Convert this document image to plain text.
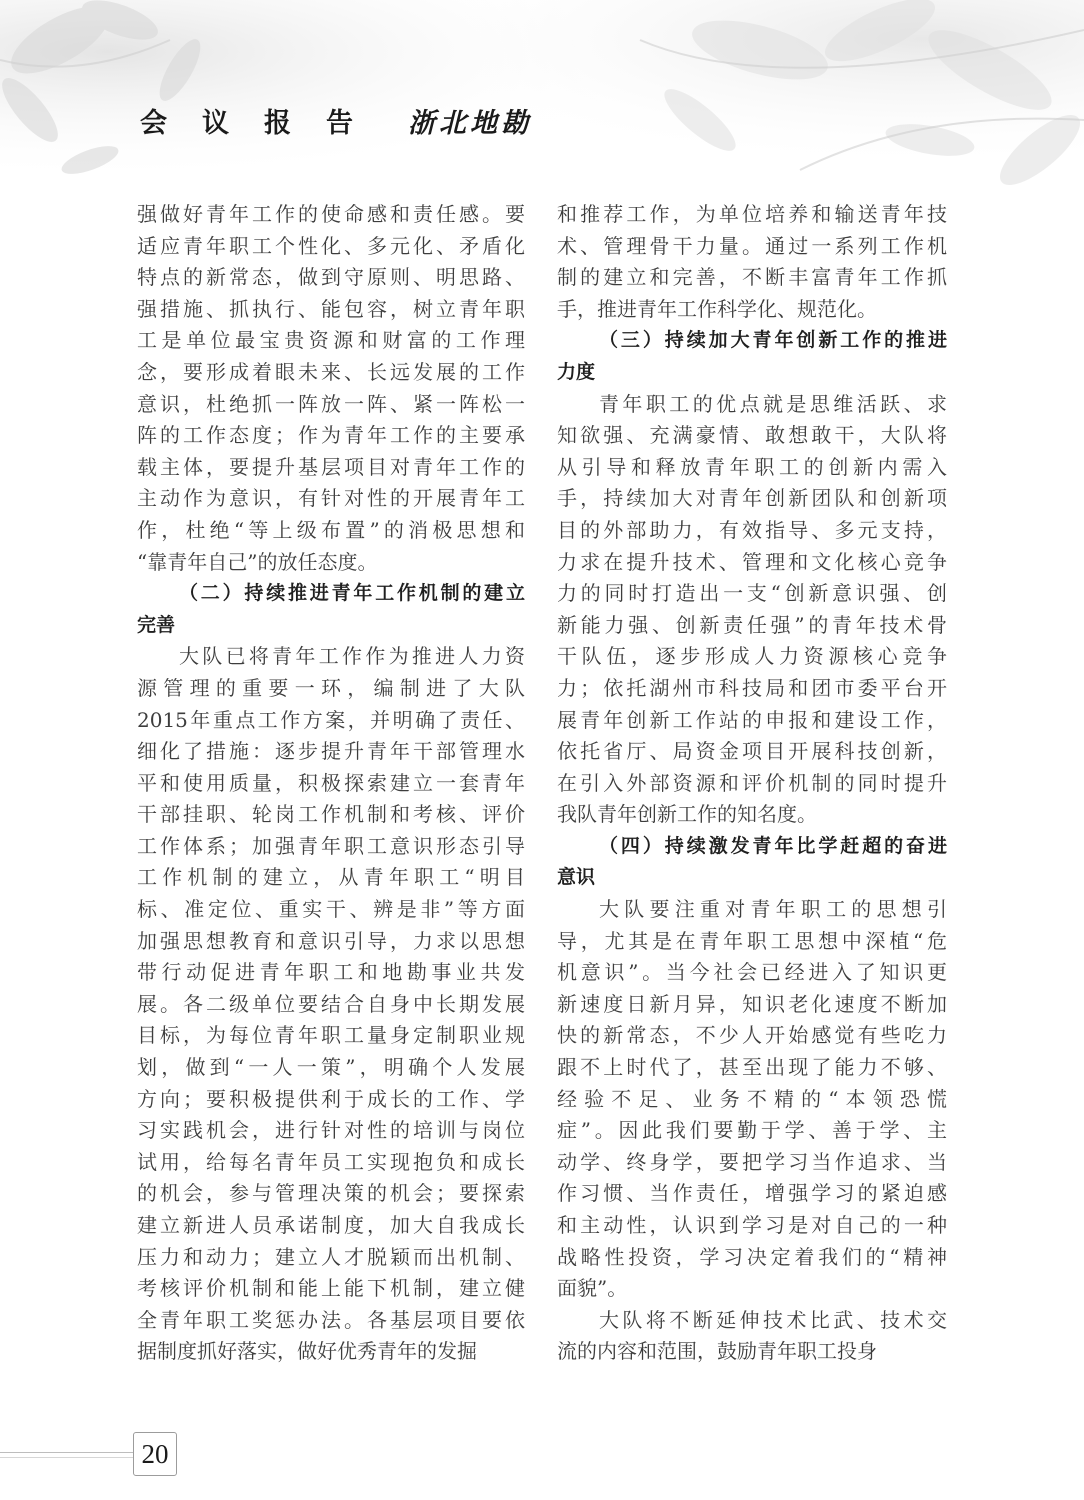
会 议 报 告 浙北地勘
强做好青年工作的使命感和责任感。要
适应青年职工个性化、多元化、矛盾化
特点的新常态，做到守原则、明思路、
强措施、抓执行、能包容，树立青年职
工是单位最宝贵资源和财富的工作理
念，要形成着眼未来、长远发展的工作
意识，杜绝抓一阵放一阵、紧一阵松一
阵的工作态度；作为青年工作的主要承
载主体，要提升基层项目对青年工作的
主动作为意识，有针对性的开展青年工
作，杜绝“等上级布置”的消极思想和
“靠青年自己”的放任态度。
（二）持续推进青年工作机制的建立
完善
大队已将青年工作作为推进人力资
源管理的重要一环，编制进了大队
2015年重点工作方案，并明确了责任、
细化了措施：逐步提升青年干部管理水
平和使用质量，积极探索建立一套青年
干部挂职、轮岗工作机制和考核、评价
工作体系；加强青年职工意识形态引导
工作机制的建立，从青年职工“明目
标、准定位、重实干、辨是非”等方面
加强思想教育和意识引导，力求以思想
带行动促进青年职工和地勘事业共发
展。各二级单位要结合自身中长期发展
目标，为每位青年职工量身定制职业规
划，做到“一人一策”，明确个人发展
方向；要积极提供利于成长的工作、学
习实践机会，进行针对性的培训与岗位
试用，给每名青年员工实现抱负和成长
的机会，参与管理决策的机会；要探索
建立新进人员承诺制度，加大自我成长
压力和动力；建立人才脱颖而出机制、
考核评价机制和能上能下机制，建立健
全青年职工奖惩办法。各基层项目要依
据制度抓好落实，做好优秀青年的发掘
和推荐工作，为单位培养和输送青年技
术、管理骨干力量。通过一系列工作机
制的建立和完善，不断丰富青年工作抓
手，推进青年工作科学化、规范化。
（三）持续加大青年创新工作的推进
力度
青年职工的优点就是思维活跃、求
知欲强、充满豪情、敢想敢干，大队将
从引导和释放青年职工的创新内需入
手，持续加大对青年创新团队和创新项
目的外部助力，有效指导、多元支持，
力求在提升技术、管理和文化核心竞争
力的同时打造出一支“创新意识强、创
新能力强、创新责任强”的青年技术骨
干队伍，逐步形成人力资源核心竞争
力；依托湖州市科技局和团市委平台开
展青年创新工作站的申报和建设工作，
依托省厅、局资金项目开展科技创新，
在引入外部资源和评价机制的同时提升
我队青年创新工作的知名度。
（四）持续激发青年比学赶超的奋进
意识
大队要注重对青年职工的思想引
导，尤其是在青年职工思想中深植“危
机意识”。当今社会已经进入了知识更
新速度日新月异，知识老化速度不断加
快的新常态，不少人开始感觉有些吃力
跟不上时代了，甚至出现了能力不够、
经验不足、业务不精的“本领恐慌
症”。因此我们要勤于学、善于学、主
动学、终身学，要把学习当作追求、当
作习惯、当作责任，增强学习的紧迫感
和主动性，认识到学习是对自己的一种
战略性投资，学习决定着我们的“精神
面貌”。
大队将不断延伸技术比武、技术交
流的内容和范围，鼓励青年职工投身
20
